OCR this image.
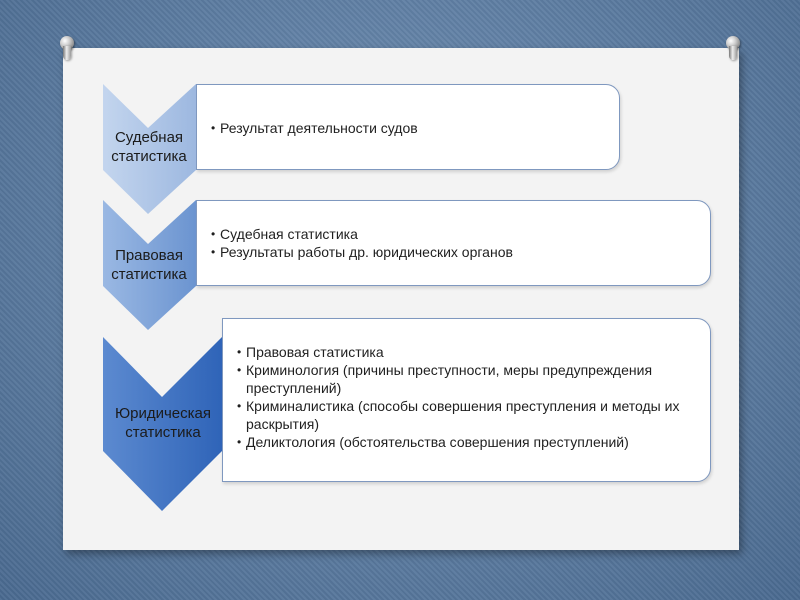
Судебная
статистика
• Результат деятельности судов
Правовая
статистика
• Судебная статистика
• Результаты работы др. юридических органов
Юридическая
статистика
• Правовая статистика
• Криминология (причины преступности, меры предупреждения преступлений)
• Криминалистика (способы совершения преступления и методы их раскрытия)
• Деликтология (обстоятельства совершения преступлений)
